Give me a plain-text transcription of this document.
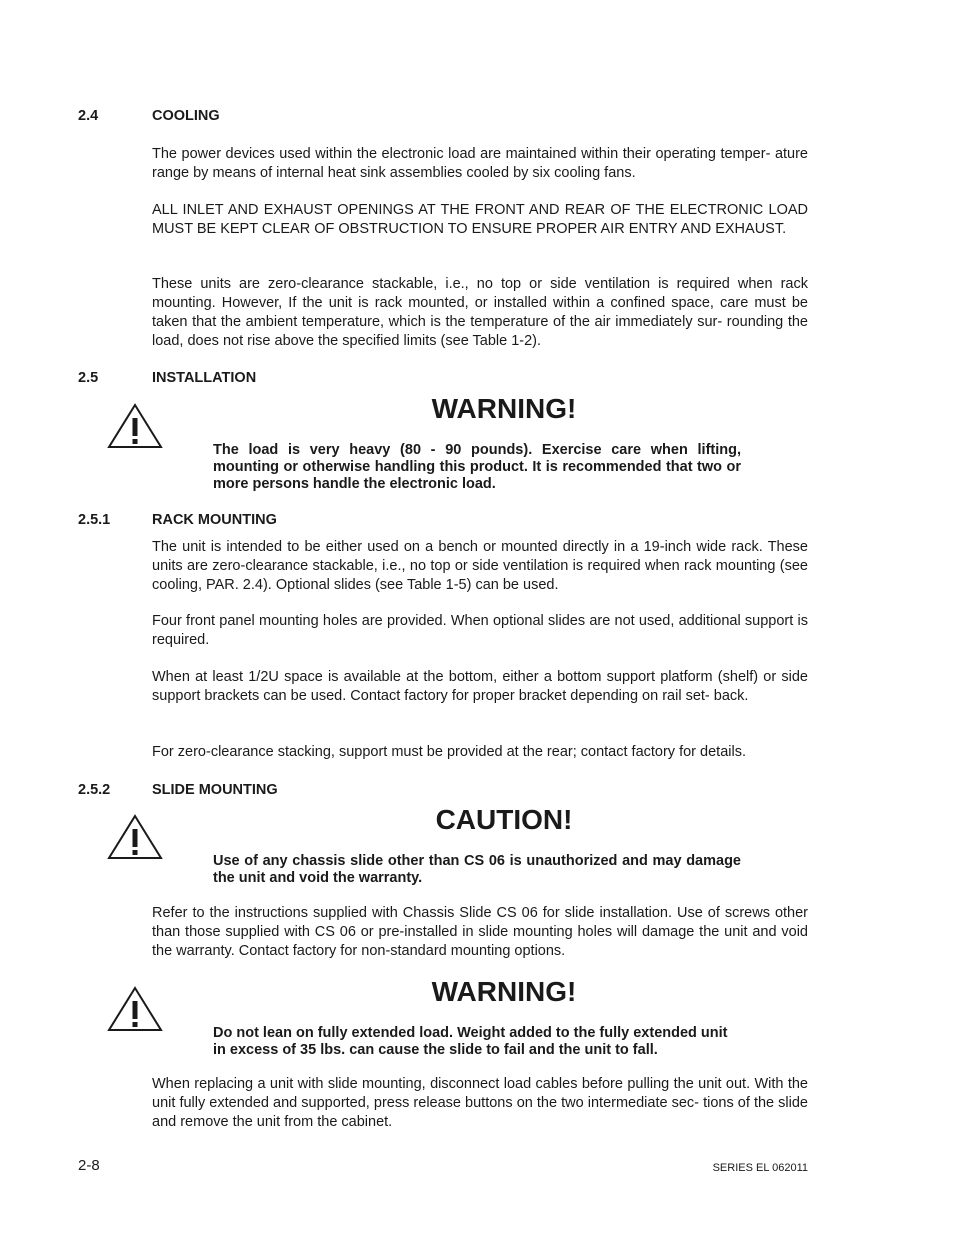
2.4	COOLING

The power devices used within the electronic load are maintained within their operating temper- ature range by means of internal heat sink assemblies cooled by six cooling fans.

ALL INLET AND EXHAUST OPENINGS AT THE FRONT AND REAR OF THE ELECTRONIC LOAD MUST BE KEPT CLEAR OF OBSTRUCTION TO ENSURE PROPER AIR ENTRY AND EXHAUST.

These units are zero-clearance stackable, i.e., no top or side ventilation is required when rack mounting. However, If the unit is rack mounted, or installed within a confined space, care must be taken that the ambient temperature, which is the temperature of the air immediately sur- rounding the load, does not rise above the specified limits (see Table 1-2).

2.5	INSTALLATION
WARNING!

The load is very heavy (80 - 90 pounds). Exercise care when lifting, mounting or otherwise handling this product. It is recommended that two or more persons handle the electronic load.

2.5.1	RACK MOUNTING

The unit is intended to be either used on a bench or mounted directly in a 19-inch wide rack. These units are zero-clearance stackable, i.e., no top or side ventilation is required when rack mounting (see cooling, PAR. 2.4). Optional slides (see Table 1-5) can be used.

Four front panel mounting holes are provided. When optional slides are not used, additional support is required.

When at least 1/2U space is available at the bottom, either a bottom support platform (shelf) or side support brackets can be used. Contact factory for proper bracket depending on rail set- back.

For zero-clearance stacking, support must be provided at the rear; contact factory for details.

2.5.2	SLIDE MOUNTING
CAUTION!

Use of any chassis slide other than CS 06 is unauthorized and may damage the unit and void the warranty.

Refer to the instructions supplied with Chassis Slide CS 06 for slide installation. Use of screws other than those supplied with CS 06 or pre-installed in slide mounting holes will damage the unit and void the warranty. Contact factory for non-standard mounting options.

WARNING!

Do not lean on fully extended load. Weight added to the fully extended unit in excess of 35 lbs. can cause the slide to fail and the unit to fall.

When replacing a unit with slide mounting, disconnect load cables before pulling the unit out. With the unit fully extended and supported, press release buttons on the two intermediate sec- tions of the slide and remove the unit from the cabinet.

2-8	SERIES EL 062011
